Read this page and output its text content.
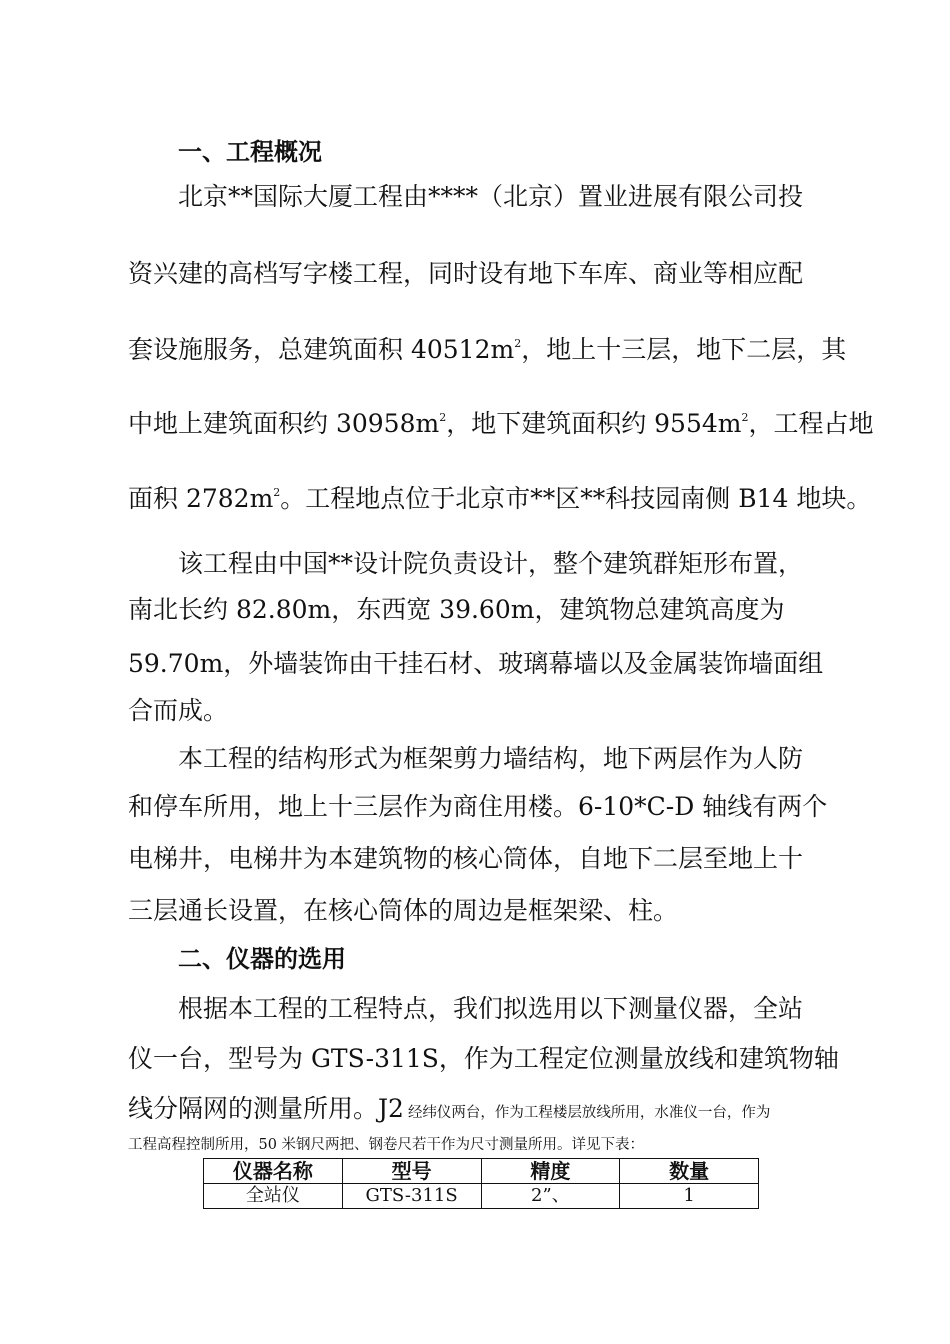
一、工程概况
北京**国际大厦工程由****（北京）置业进展有限公司投
资兴建的高档写字楼工程，同时设有地下车库、商业等相应配
套设施服务，总建筑面积 $40512m^2$，地上十三层，地下二层，其
中地上建筑面积约 $30958m^2$，地下建筑面积约 $9554m^2$，工程占地
面积 $2782m^2$。工程地点位于北京市**区**科技园南侧 B14 地块。
该工程由中国**设计院负责设计，整个建筑群矩形布置，
南北长约 82.80m，东西宽 39.60m，建筑物总建筑高度为
59.70m，外墙装饰由干挂石材、玻璃幕墙以及金属装饰墙面组
合而成。
本工程的结构形式为框架剪力墙结构，地下两层作为人防
和停车所用，地上十三层作为商住用楼。6-10*C-D 轴线有两个
电梯井，电梯井为本建筑物的核心筒体，自地下二层至地上十
三层通长设置，在核心筒体的周边是框架梁、柱。
二、仪器的选用
根据本工程的工程特点，我们拟选用以下测量仪器，全站
仪一台，型号为 GTS-311S，作为工程定位测量放线和建筑物轴
线分隔网的测量所用。J2 经纬仪两台，作为工程楼层放线所用，水准仪一台，作为
工程高程控制所用，50 米钢尺两把、钢卷尺若干作为尺寸测量所用。详见下表：
仪器名称	型号	精度	数量
全站仪	GTS-311S	2”、	1
